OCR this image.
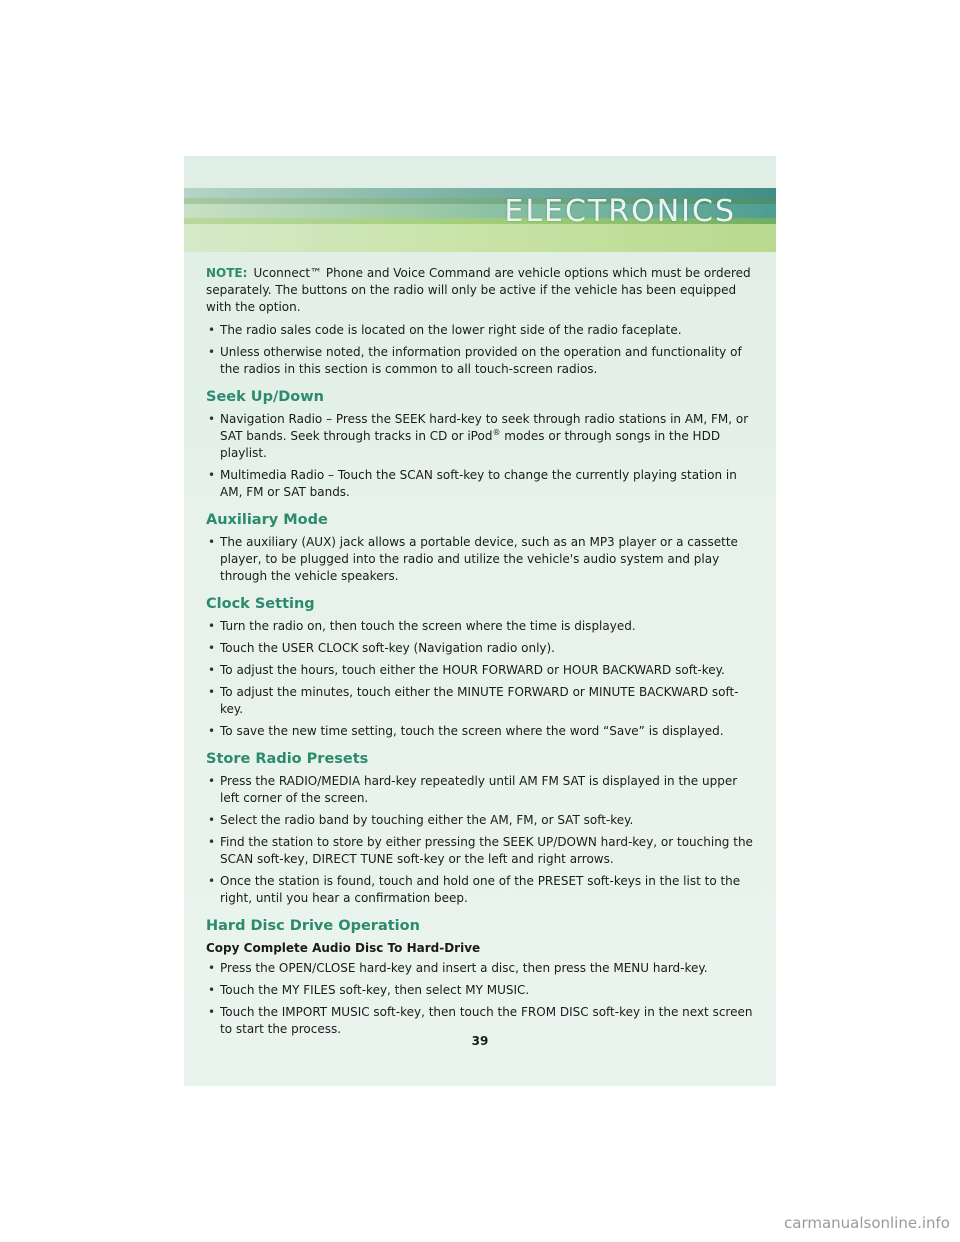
ELECTRONICS

NOTE: Uconnect™ Phone and Voice Command are vehicle options which must be ordered separately. The buttons on the radio will only be active if the vehicle has been equipped with the option.

• The radio sales code is located on the lower right side of the radio faceplate.
• Unless otherwise noted, the information provided on the operation and functionality of the radios in this section is common to all touch-screen radios.
Seek Up/Down
• Navigation Radio – Press the SEEK hard-key to seek through radio stations in AM, FM, or SAT bands. Seek through tracks in CD or iPod® modes or through songs in the HDD playlist.
• Multimedia Radio – Touch the SCAN soft-key to change the currently playing station in AM, FM or SAT bands.
Auxiliary Mode
• The auxiliary (AUX) jack allows a portable device, such as an MP3 player or a cassette player, to be plugged into the radio and utilize the vehicle's audio system and play through the vehicle speakers.
Clock Setting
• Turn the radio on, then touch the screen where the time is displayed.
• Touch the USER CLOCK soft-key (Navigation radio only).
• To adjust the hours, touch either the HOUR FORWARD or HOUR BACKWARD soft-key.
• To adjust the minutes, touch either the MINUTE FORWARD or MINUTE BACKWARD soft-key.
• To save the new time setting, touch the screen where the word “Save” is displayed.
Store Radio Presets
• Press the RADIO/MEDIA hard-key repeatedly until AM FM SAT is displayed in the upper left corner of the screen.
• Select the radio band by touching either the AM, FM, or SAT soft-key.
• Find the station to store by either pressing the SEEK UP/DOWN hard-key, or touching the SCAN soft-key, DIRECT TUNE soft-key or the left and right arrows.
• Once the station is found, touch and hold one of the PRESET soft-keys in the list to the right, until you hear a confirmation beep.
Hard Disc Drive Operation
Copy Complete Audio Disc To Hard-Drive
• Press the OPEN/CLOSE hard-key and insert a disc, then press the MENU hard-key.
• Touch the MY FILES soft-key, then select MY MUSIC.
• Touch the IMPORT MUSIC soft-key, then touch the FROM DISC soft-key in the next screen to start the process.
39
carmanualsonline.info
